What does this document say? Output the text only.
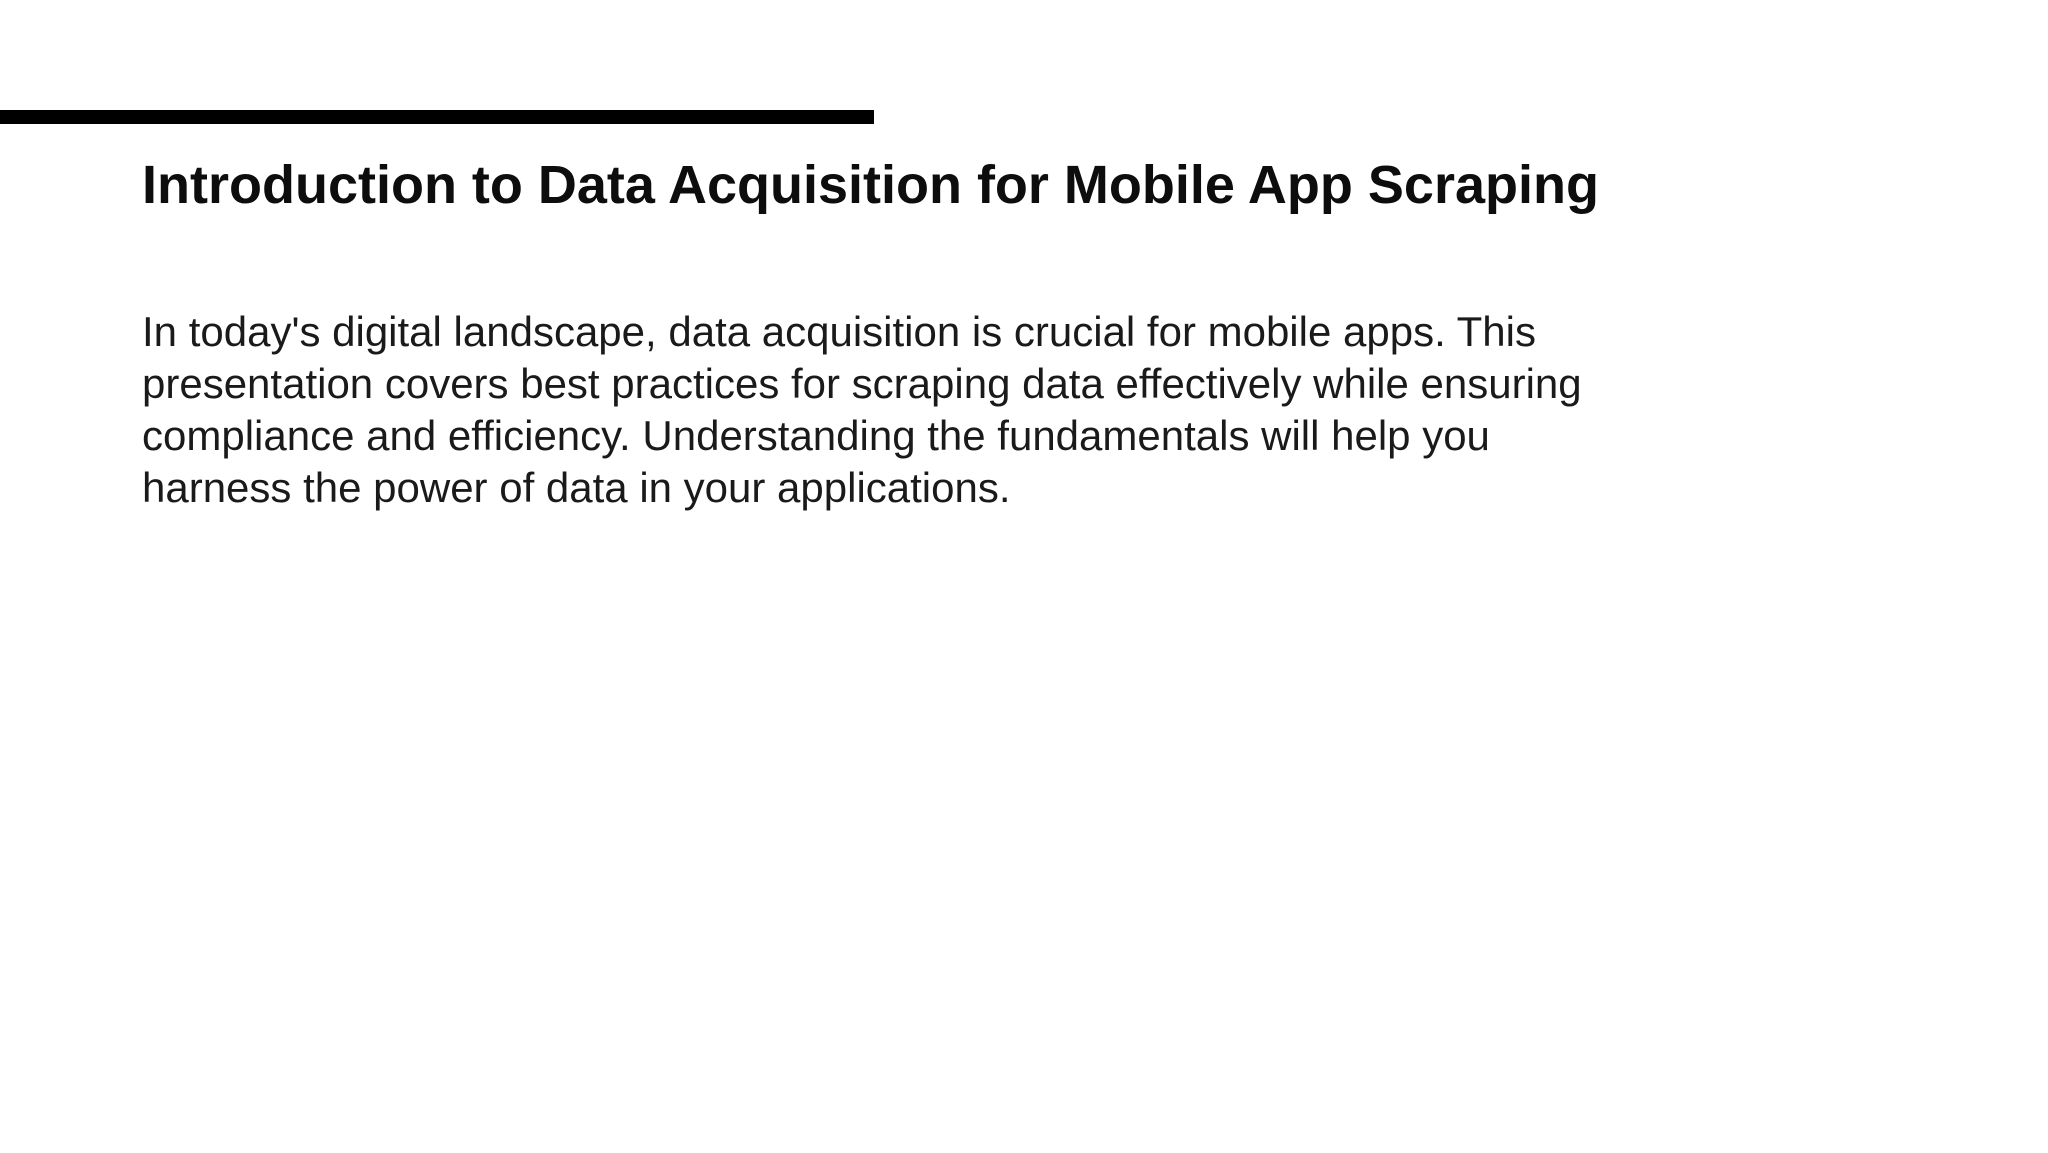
Introduction to Data Acquisition for Mobile App Scraping

In today's digital landscape, data acquisition is crucial for mobile apps. This
presentation covers best practices for scraping data effectively while ensuring
compliance and efficiency. Understanding the fundamentals will help you
harness the power of data in your applications.
